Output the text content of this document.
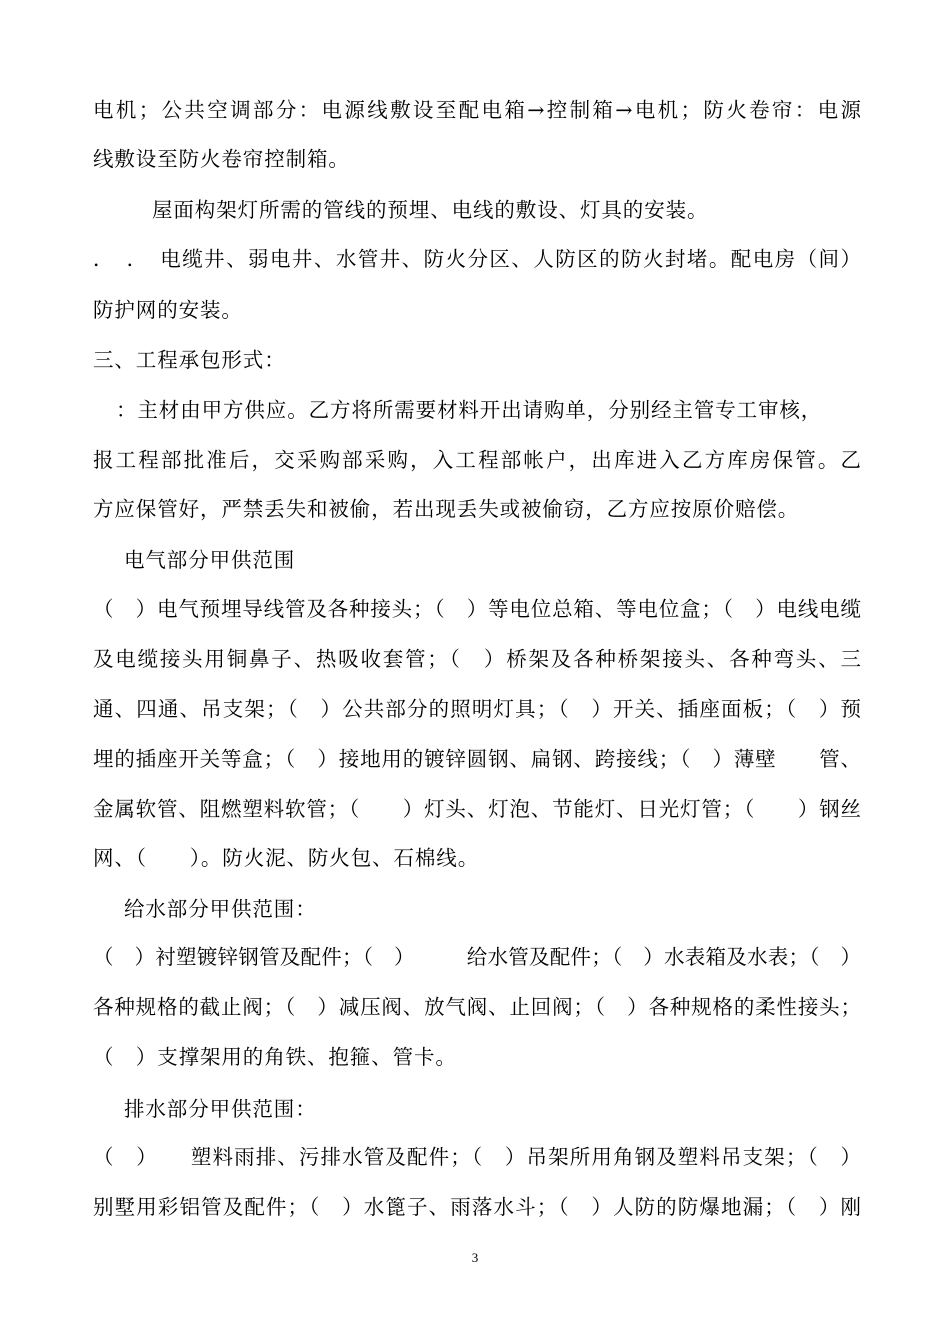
电机；公共空调部分：电源线敷设至配电箱→控制箱→电机；防火卷帘：电源
线敷设至防火卷帘控制箱。
屋面构架灯所需的管线的预埋、电线的敷设、灯具的安装。
．　．　电缆井、弱电井、水管井、防火分区、人防区的防火封堵。配电房（间）
防护网的安装。
三、工程承包形式：
：主材由甲方供应。乙方将所需要材料开出请购单，分别经主管专工审核，
报工程部批准后，交采购部采购，入工程部帐户，出库进入乙方库房保管。乙
方应保管好，严禁丢失和被偷，若出现丢失或被偷窃，乙方应按原价赔偿。
电气部分甲供范围
（　）电气预埋导线管及各种接头；（　）等电位总箱、等电位盒；（　）电线电缆
及电缆接头用铜鼻子、热吸收套管；（　）桥架及各种桥架接头、各种弯头、三
通、四通、吊支架；（　）公共部分的照明灯具；（　）开关、插座面板；（　）预
埋的插座开关等盒；（　）接地用的镀锌圆钢、扁钢、跨接线；（　）薄壁　　管、
金属软管、阻燃塑料软管；（　　）灯头、灯泡、节能灯、日光灯管；（　　）钢丝
网、（　　）。防火泥、防火包、石棉线。
给水部分甲供范围：
（　）衬塑镀锌钢管及配件；（　）　　　给水管及配件；（　）水表箱及水表；（　）
各种规格的截止阀；（　）减压阀、放气阀、止回阀；（　）各种规格的柔性接头；
（　）支撑架用的角铁、抱箍、管卡。
排水部分甲供范围：
（　）　　塑料雨排、污排水管及配件；（　）吊架所用角钢及塑料吊支架；（　）
别墅用彩铝管及配件；（　）水篦子、雨落水斗；（　）人防的防爆地漏；（　）刚
3
